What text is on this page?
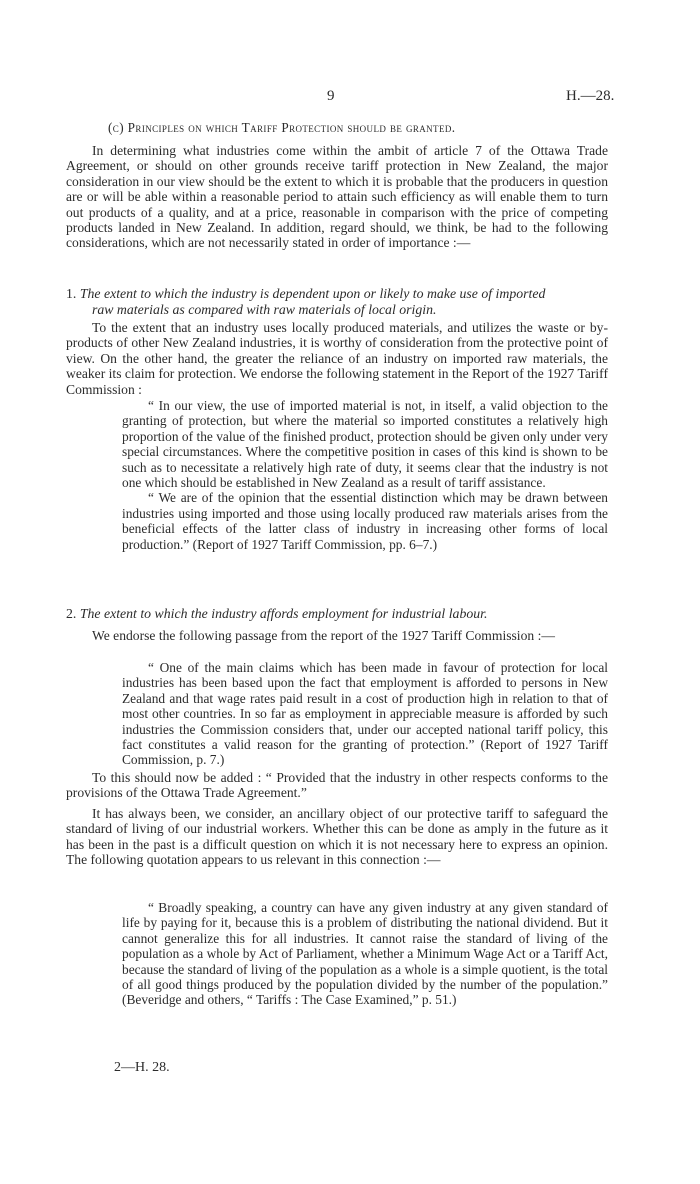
9	H.—28.
(c) Principles on which Tariff Protection should be granted.

In determining what industries come within the ambit of article 7 of the Ottawa Trade Agreement, or should on other grounds receive tariff protection in New Zealand, the major consideration in our view should be the extent to which it is probable that the producers in question are or will be able within a reasonable period to attain such efficiency as will enable them to turn out products of a quality, and at a price, reasonable in comparison with the price of competing products landed in New Zealand. In addition, regard should, we think, be had to the following considerations, which are not necessarily stated in order of importance :—

1. The extent to which the industry is dependent upon or likely to make use of imported
raw materials as compared with raw materials of local origin.

To the extent that an industry uses locally produced materials, and utilizes the waste or by-products of other New Zealand industries, it is worthy of consideration from the protective point of view. On the other hand, the greater the reliance of an industry on imported raw materials, the weaker its claim for protection. We endorse the following statement in the Report of the 1927 Tariff Commission :

“ In our view, the use of imported material is not, in itself, a valid objection to the granting of protection, but where the material so imported constitutes a relatively high proportion of the value of the finished product, protection should be given only under very special circumstances. Where the competitive position in cases of this kind is shown to be such as to necessitate a relatively high rate of duty, it seems clear that the industry is not one which should be established in New Zealand as a result of tariff assistance.

“ We are of the opinion that the essential distinction which may be drawn between industries using imported and those using locally produced raw materials arises from the beneficial effects of the latter class of industry in increasing other forms of local production.” (Report of 1927 Tariff Commission, pp. 6–7.)

2. The extent to which the industry affords employment for industrial labour.

We endorse the following passage from the report of the 1927 Tariff Commission :—

“ One of the main claims which has been made in favour of protection for local industries has been based upon the fact that employment is afforded to persons in New Zealand and that wage rates paid result in a cost of production high in relation to that of most other countries. In so far as employment in appreciable measure is afforded by such industries the Commission considers that, under our accepted national tariff policy, this fact constitutes a valid reason for the granting of protection.” (Report of 1927 Tariff Commission, p. 7.)

To this should now be added : “ Provided that the industry in other respects conforms to the provisions of the Ottawa Trade Agreement.”

It has always been, we consider, an ancillary object of our protective tariff to safeguard the standard of living of our industrial workers. Whether this can be done as amply in the future as it has been in the past is a difficult question on which it is not necessary here to express an opinion. The following quotation appears to us relevant in this connection :—

“ Broadly speaking, a country can have any given industry at any given standard of life by paying for it, because this is a problem of distributing the national dividend. But it cannot generalize this for all industries. It cannot raise the standard of living of the population as a whole by Act of Parliament, whether a Minimum Wage Act or a Tariff Act, because the standard of living of the population as a whole is a simple quotient, is the total of all good things produced by the population divided by the number of the population.” (Beveridge and others, “ Tariffs : The Case Examined,” p. 51.)

2—H. 28.
